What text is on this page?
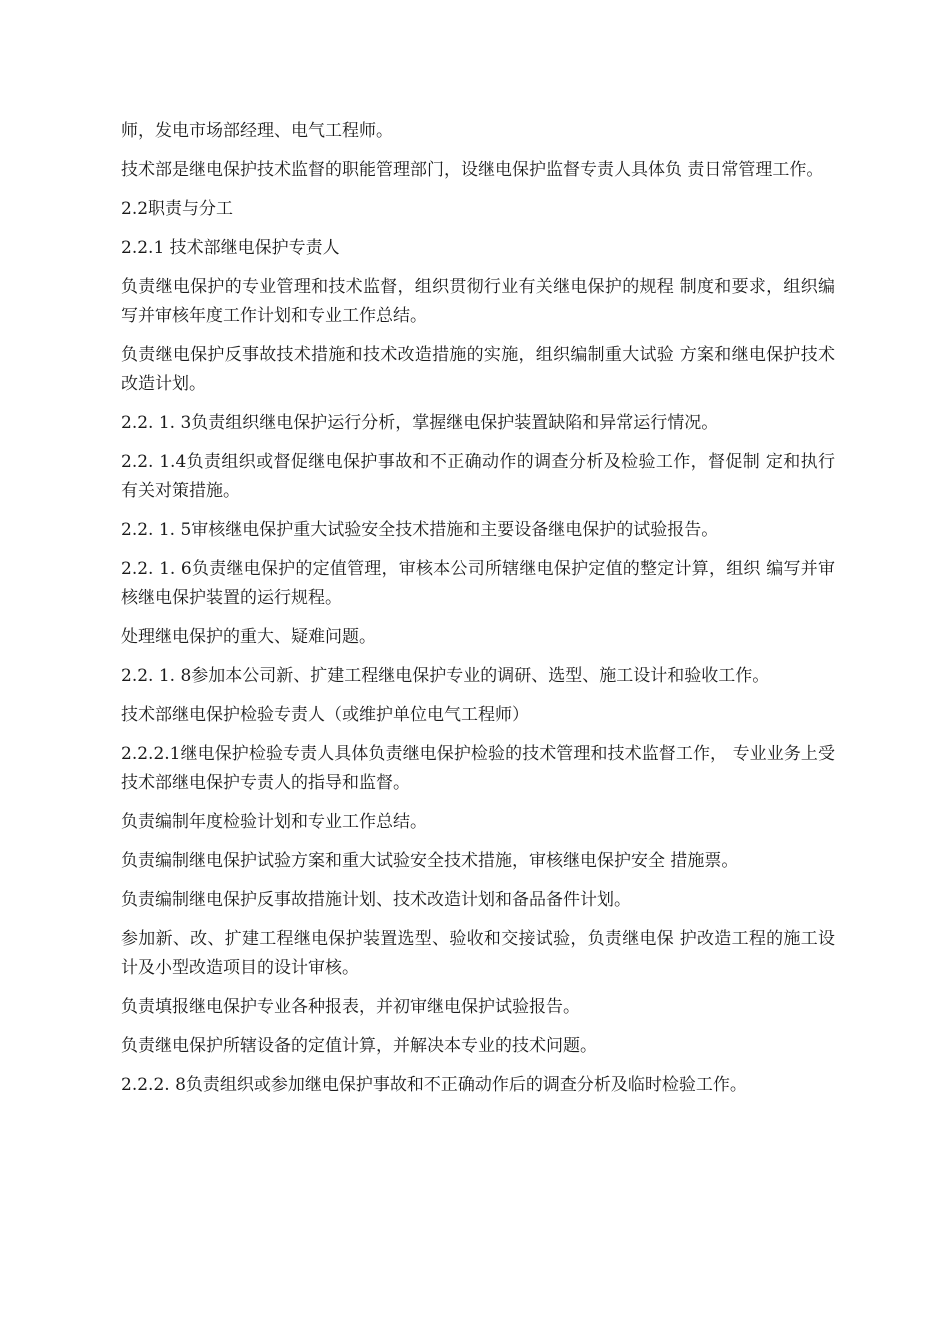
师，发电市场部经理、电气工程师。

技术部是继电保护技术监督的职能管理部门，设继电保护监督专责人具体负 责日常管理工作。

2.2职责与分工

2.2.1 技术部继电保护专责人

负责继电保护的专业管理和技术监督，组织贯彻行业有关继电保护的规程 制度和要求，组织编写并审核年度工作计划和专业工作总结。

负责继电保护反事故技术措施和技术改造措施的实施，组织编制重大试验 方案和继电保护技术改造计划。

2.2. 1. 3负责组织继电保护运行分析，掌握继电保护装置缺陷和异常运行情况。

2.2. 1.4负责组织或督促继电保护事故和不正确动作的调查分析及检验工作，督促制 定和执行有关对策措施。

2.2. 1. 5审核继电保护重大试验安全技术措施和主要设备继电保护的试验报告。

2.2. 1. 6负责继电保护的定值管理，审核本公司所辖继电保护定值的整定计算，组织 编写并审核继电保护装置的运行规程。

处理继电保护的重大、疑难问题。

2.2. 1. 8参加本公司新、扩建工程继电保护专业的调研、选型、施工设计和验收工作。

技术部继电保护检验专责人（或维护单位电气工程师）

2.2.2.1继电保护检验专责人具体负责继电保护检验的技术管理和技术监督工作， 专业业务上受技术部继电保护专责人的指导和监督。

负责编制年度检验计划和专业工作总结。

负责编制继电保护试验方案和重大试验安全技术措施，审核继电保护安全 措施票。

负责编制继电保护反事故措施计划、技术改造计划和备品备件计划。

参加新、改、扩建工程继电保护装置选型、验收和交接试验，负责继电保 护改造工程的施工设计及小型改造项目的设计审核。

负责填报继电保护专业各种报表，并初审继电保护试验报告。

负责继电保护所辖设备的定值计算，并解决本专业的技术问题。

2.2.2. 8负责组织或参加继电保护事故和不正确动作后的调查分析及临时检验工作。
